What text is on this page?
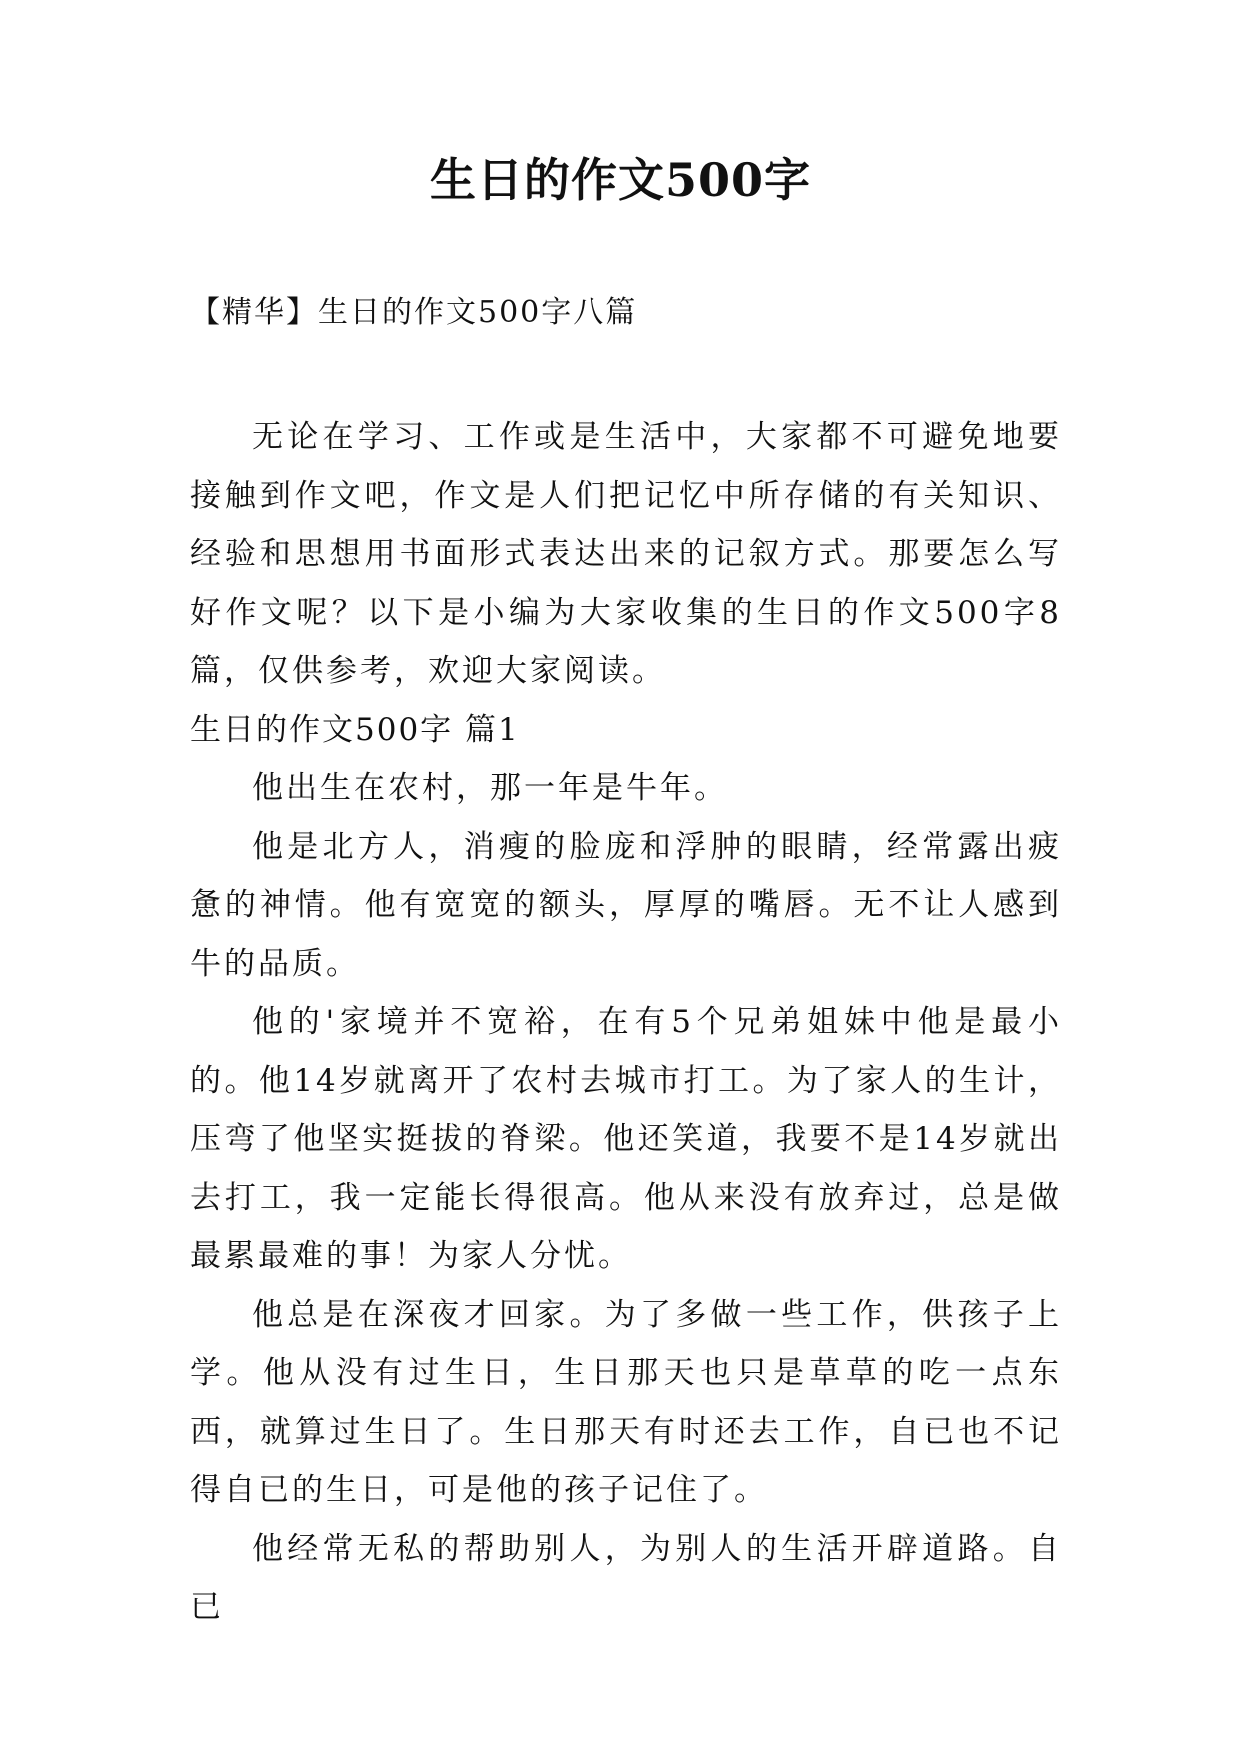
生日的作文500字
【精华】生日的作文500字八篇

无论在学习、工作或是生活中，大家都不可避免地要接触到作文吧，作文是人们把记忆中所存储的有关知识、经验和思想用书面形式表达出来的记叙方式。那要怎么写好作文呢？以下是小编为大家收集的生日的作文500字8篇，仅供参考，欢迎大家阅读。

生日的作文500字 篇1

他出生在农村，那一年是牛年。

他是北方人，消瘦的脸庞和浮肿的眼睛，经常露出疲惫的神情。他有宽宽的额头，厚厚的嘴唇。无不让人感到牛的品质。

他的'家境并不宽裕，在有5个兄弟姐妹中他是最小的。他14岁就离开了农村去城市打工。为了家人的生计，压弯了他坚实挺拔的脊梁。他还笑道，我要不是14岁就出去打工，我一定能长得很高。他从来没有放弃过，总是做最累最难的事！为家人分忧。

他总是在深夜才回家。为了多做一些工作，供孩子上学。他从没有过生日，生日那天也只是草草的吃一点东西，就算过生日了。生日那天有时还去工作，自已也不记得自已的生日，可是他的孩子记住了。

他经常无私的帮助别人，为别人的生活开辟道路。自已
